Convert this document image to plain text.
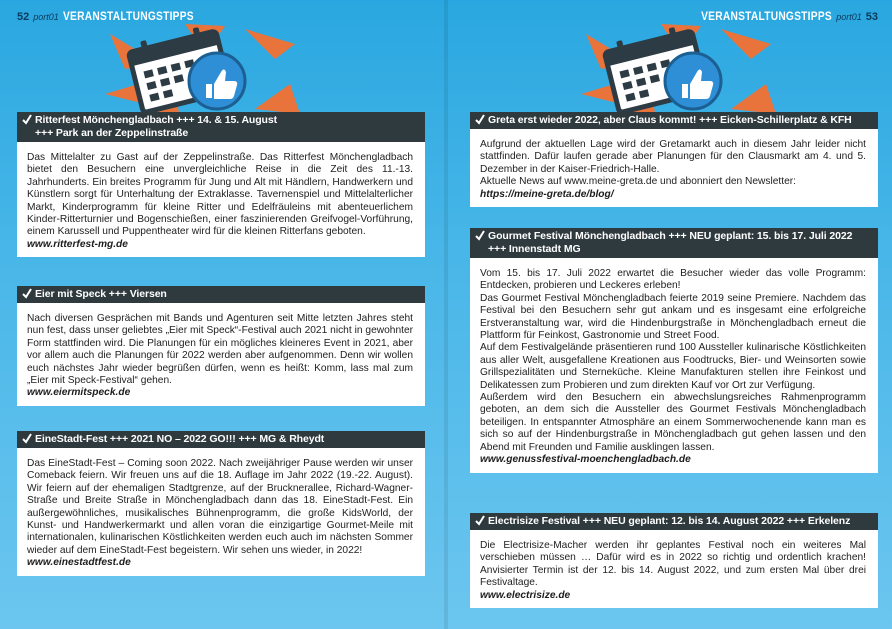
52 port01 VERANSTALTUNGSTIPPS
Ritterfest Mönchengladbach +++ 14. & 15. August
+++ Park an der Zeppelinstraße

Das Mittelalter zu Gast auf der Zeppelinstraße. Das Ritterfest Mönchengladbach bietet den Besuchern eine unvergleichliche Reise in die Zeit des 11.-13. Jahrhunderts. Ein breites Programm für Jung und Alt mit Händlern, Handwerkern und Künstlern sorgt für Unterhaltung der Extraklasse. Tavernenspiel und Mittelalterlicher Markt, Kinderprogramm für kleine Ritter und Edelfräuleins mit abenteuerlichem Kinder-Ritterturnier und Bogenschießen, einer faszinierenden Greifvogel-Vorführung, einem Karussell und Puppentheater wird für die kleinen Ritterfans geboten.

www.ritterfest-mg.de

Eier mit Speck +++ Viersen

Nach diversen Gesprächen mit Bands und Agenturen seit Mitte letzten Jahres steht nun fest, dass unser geliebtes „Eier mit Speck“-Festival auch 2021 nicht in gewohnter Form stattfinden wird. Die Planungen für ein mögliches kleineres Event in 2021, aber vor allem auch die Planungen für 2022 werden aber aufgenommen. Denn wir wollen euch nächstes Jahr wieder begrüßen dürfen, wenn es heißt: Komm, lass mal zum „Eier mit Speck-Festival“ gehen.

www.eiermitspeck.de

EineStadt-Fest +++ 2021 NO – 2022 GO!!! +++ MG & Rheydt

Das EineStadt-Fest – Coming soon 2022. Nach zweijähriger Pause werden wir unser Comeback feiern. Wir freuen uns auf die 18. Auflage im Jahr 2022 (19.-22. August). Wir feiern auf der ehemaligen Stadtgrenze, auf der Brucknerallee, Richard-Wagner-Straße und Breite Straße in Mönchengladbach dann das 18. EineStadt-Fest. Ein außergewöhnliches, musikalisches Bühnenprogramm, die große KidsWorld, der Kunst- und Handwerkermarkt und allen voran die einzigartige Gourmet-Meile mit internationalen, kulinarischen Köstlichkeiten werden euch auch im nächsten Sommer wieder auf dem EineStadt-Fest begeistern. Wir sehen uns wieder, in 2022!

www.einestadtfest.de

VERANSTALTUNGSTIPPS port01 53
Greta erst wieder 2022, aber Claus kommt! +++ Eicken-Schillerplatz & KFH

Aufgrund der aktuellen Lage wird der Gretamarkt auch in diesem Jahr leider nicht stattfinden. Dafür laufen gerade aber Planungen für den Clausmarkt am 4. und 5. Dezember in der Kaiser-Friedrich-Halle.

Aktuelle News auf www.meine-greta.de und abonniert den Newsletter:

https://meine-greta.de/blog/

Gourmet Festival Mönchengladbach +++ NEU geplant: 15. bis 17. Juli 2022
+++ Innenstadt MG

Vom 15. bis 17. Juli 2022 erwartet die Besucher wieder das volle Programm: Entdecken, probieren und Leckeres erleben!

Das Gourmet Festival Mönchengladbach feierte 2019 seine Premiere. Nachdem das Festival bei den Besuchern sehr gut ankam und es insgesamt eine erfolgreiche Erstveranstaltung war, wird die Hindenburgstraße in Mönchengladbach erneut die Plattform für Feinkost, Gastronomie und Street Food.

Auf dem Festivalgelände präsentieren rund 100 Aussteller kulinarische Köstlichkeiten aus aller Welt, ausgefallene Kreationen aus Foodtrucks, Bier- und Weinsorten sowie Grillspezialitäten und Sterneküche. Kleine Manufakturen stellen ihre Feinkost und Delikatessen zum Probieren und zum direkten Kauf vor Ort zur Verfügung.

Außerdem wird den Besuchern ein abwechslungsreiches Rahmenprogramm geboten, an dem sich die Aussteller des Gourmet Festivals Mönchengladbach beteiligen. In entspannter Atmosphäre an einem Sommerwochenende kann man es sich so auf der Hindenburgstraße in Mönchengladbach gut gehen lassen und den Abend mit Freunden und Familie ausklingen lassen.

www.genussfestival-moenchengladbach.de

Electrisize Festival +++ NEU geplant: 12. bis 14. August 2022 +++ Erkelenz

Die Electrisize-Macher werden ihr geplantes Festival noch ein weiteres Mal verschieben müssen … Dafür wird es in 2022 so richtig und ordentlich krachen! Anvisierter Termin ist der 12. bis 14. August 2022, und zum ersten Mal über drei Festivaltage.

www.electrisize.de
